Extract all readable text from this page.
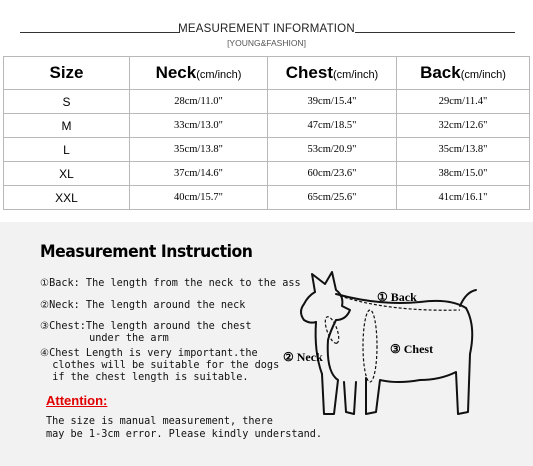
MEASUREMENT INFORMATION
[YOUNG&FASHION]
Size	Neck(cm/inch)	Chest(cm/inch)	Back(cm/inch)
S	28cm/11.0"	39cm/15.4"	29cm/11.4"
M	33cm/13.0"	47cm/18.5"	32cm/12.6"
L	35cm/13.8"	53cm/20.9"	35cm/13.8"
XL	37cm/14.6"	60cm/23.6"	38cm/15.0"
XXL	40cm/15.7"	65cm/25.6"	41cm/16.1"
Measurement Instruction
①Back: The length from the neck to the ass
②Neck: The length around the neck
③Chest:The length around the chest
under the arm
④Chest Length is very important.the
clothes will be suitable for the dogs
if the chest length is suitable.
Attention:
The size is manual measurement, there
may be 1-3cm error. Please kindly understand.
① Back
② Neck
③ Chest
